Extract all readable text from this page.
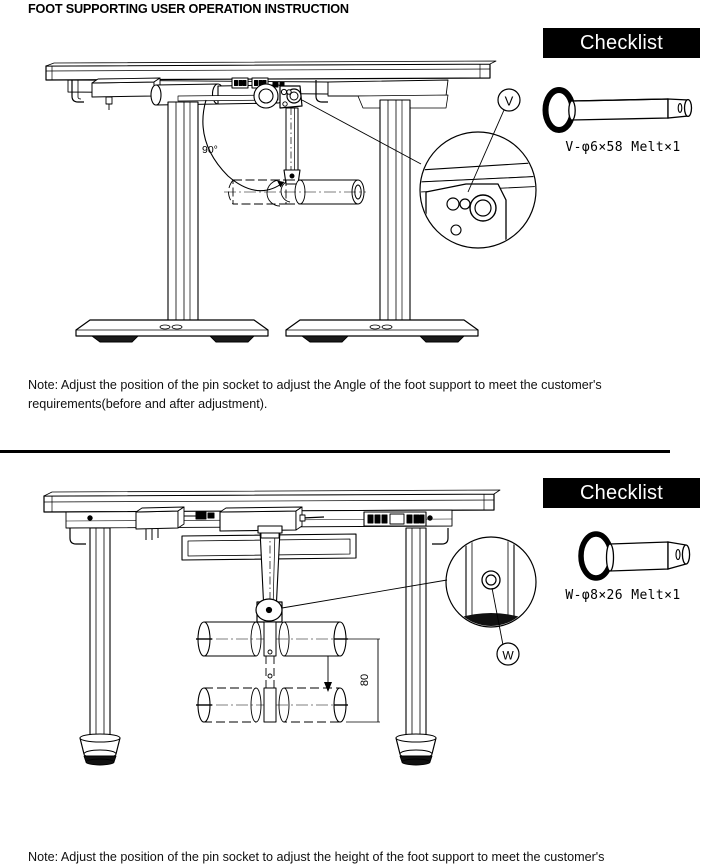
FOOT SUPPORTING USER OPERATION INSTRUCTION
Checklist
V-φ6×58 Melt×1
V
90°
Note: Adjust the position of the pin socket to adjust the Angle of the foot support to meet the customer's requirements(before and after adjustment).
Checklist
W-φ8×26 Melt×1
W
80
Note: Adjust the position of the pin socket to adjust the height of the foot support to meet the customer's
